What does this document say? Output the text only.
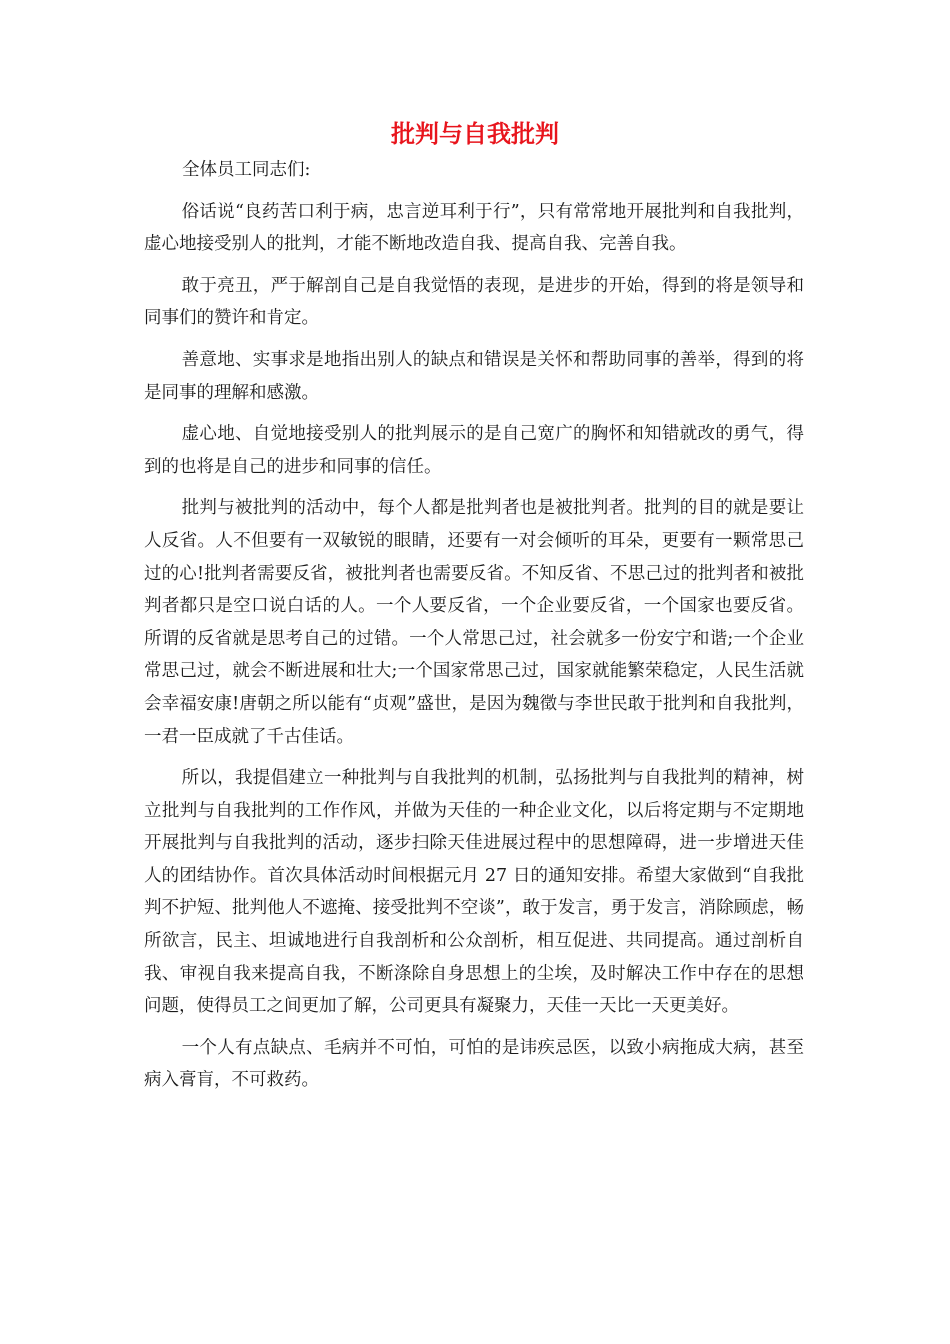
批判与自我批判

全体员工同志们:

俗话说“良药苦口利于病，忠言逆耳利于行”，只有常常地开展批判和自我批判，虚心地接受别人的批判，才能不断地改造自我、提高自我、完善自我。

敢于亮丑，严于解剖自己是自我觉悟的表现，是进步的开始，得到的将是领导和同事们的赞许和肯定。

善意地、实事求是地指出别人的缺点和错误是关怀和帮助同事的善举，得到的将是同事的理解和感激。

虚心地、自觉地接受别人的批判展示的是自己宽广的胸怀和知错就改的勇气，得到的也将是自己的进步和同事的信任。

批判与被批判的活动中，每个人都是批判者也是被批判者。批判的目的就是要让人反省。人不但要有一双敏锐的眼睛，还要有一对会倾听的耳朵，更要有一颗常思己过的心!批判者需要反省，被批判者也需要反省。不知反省、不思己过的批判者和被批判者都只是空口说白话的人。一个人要反省，一个企业要反省，一个国家也要反省。所谓的反省就是思考自己的过错。一个人常思己过，社会就多一份安宁和谐;一个企业常思己过，就会不断进展和壮大;一个国家常思己过，国家就能繁荣稳定，人民生活就会幸福安康!唐朝之所以能有“贞观”盛世，是因为魏徵与李世民敢于批判和自我批判，一君一臣成就了千古佳话。

所以，我提倡建立一种批判与自我批判的机制，弘扬批判与自我批判的精神，树立批判与自我批判的工作作风，并做为天佳的一种企业文化，以后将定期与不定期地开展批判与自我批判的活动，逐步扫除天佳进展过程中的思想障碍，进一步增进天佳人的团结协作。首次具体活动时间根据元月 27 日的通知安排。希望大家做到“自我批判不护短、批判他人不遮掩、接受批判不空谈”，敢于发言，勇于发言，消除顾虑，畅所欲言，民主、坦诚地进行自我剖析和公众剖析，相互促进、共同提高。通过剖析自我、审视自我来提高自我，不断涤除自身思想上的尘埃，及时解决工作中存在的思想问题，使得员工之间更加了解，公司更具有凝聚力，天佳一天比一天更美好。

一个人有点缺点、毛病并不可怕，可怕的是讳疾忌医，以致小病拖成大病，甚至病入膏肓，不可救药。
